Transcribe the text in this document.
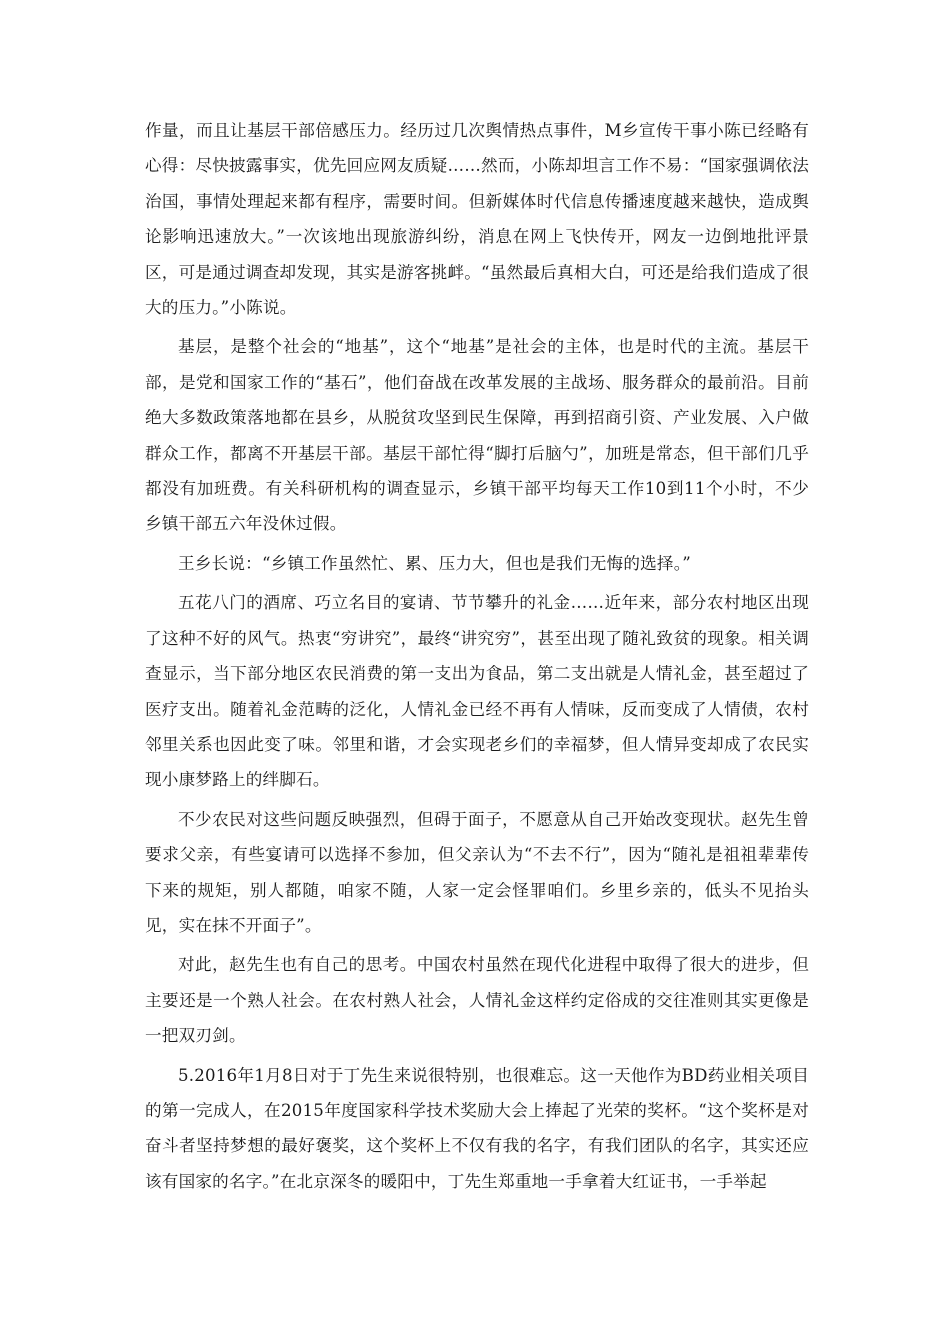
作量，而且让基层干部倍感压力。经历过几次舆情热点事件，M乡宣传干事小陈已经略有心得：尽快披露事实，优先回应网友质疑……然而，小陈却坦言工作不易：“国家强调依法治国，事情处理起来都有程序，需要时间。但新媒体时代信息传播速度越来越快，造成舆论影响迅速放大。”一次该地出现旅游纠纷，消息在网上飞快传开，网友一边倒地批评景区，可是通过调查却发现，其实是游客挑衅。“虽然最后真相大白，可还是给我们造成了很大的压力。”小陈说。

基层，是整个社会的“地基”，这个“地基”是社会的主体，也是时代的主流。基层干部，是党和国家工作的“基石”，他们奋战在改革发展的主战场、服务群众的最前沿。目前绝大多数政策落地都在县乡，从脱贫攻坚到民生保障，再到招商引资、产业发展、入户做群众工作，都离不开基层干部。基层干部忙得“脚打后脑勺”，加班是常态，但干部们几乎都没有加班费。有关科研机构的调查显示，乡镇干部平均每天工作10到11个小时，不少乡镇干部五六年没休过假。

王乡长说：“乡镇工作虽然忙、累、压力大，但也是我们无悔的选择。”

五花八门的酒席、巧立名目的宴请、节节攀升的礼金……近年来，部分农村地区出现了这种不好的风气。热衷“穷讲究”，最终“讲究穷”，甚至出现了随礼致贫的现象。相关调查显示，当下部分地区农民消费的第一支出为食品，第二支出就是人情礼金，甚至超过了医疗支出。随着礼金范畴的泛化，人情礼金已经不再有人情味，反而变成了人情债，农村邻里关系也因此变了味。邻里和谐，才会实现老乡们的幸福梦，但人情异变却成了农民实现小康梦路上的绊脚石。

不少农民对这些问题反映强烈，但碍于面子，不愿意从自己开始改变现状。赵先生曾要求父亲，有些宴请可以选择不参加，但父亲认为“不去不行”，因为“随礼是祖祖辈辈传下来的规矩，别人都随，咱家不随，人家一定会怪罪咱们。乡里乡亲的，低头不见抬头见，实在抹不开面子”。

对此，赵先生也有自己的思考。中国农村虽然在现代化进程中取得了很大的进步，但主要还是一个熟人社会。在农村熟人社会，人情礼金这样约定俗成的交往准则其实更像是一把双刃剑。

5.2016年1月8日对于丁先生来说很特别，也很难忘。这一天他作为BD药业相关项目的第一完成人，在2015年度国家科学技术奖励大会上捧起了光荣的奖杯。“这个奖杯是对奋斗者坚持梦想的最好褒奖，这个奖杯上不仅有我的名字，有我们团队的名字，其实还应该有国家的名字。”在北京深冬的暖阳中，丁先生郑重地一手拿着大红证书，一手举起
